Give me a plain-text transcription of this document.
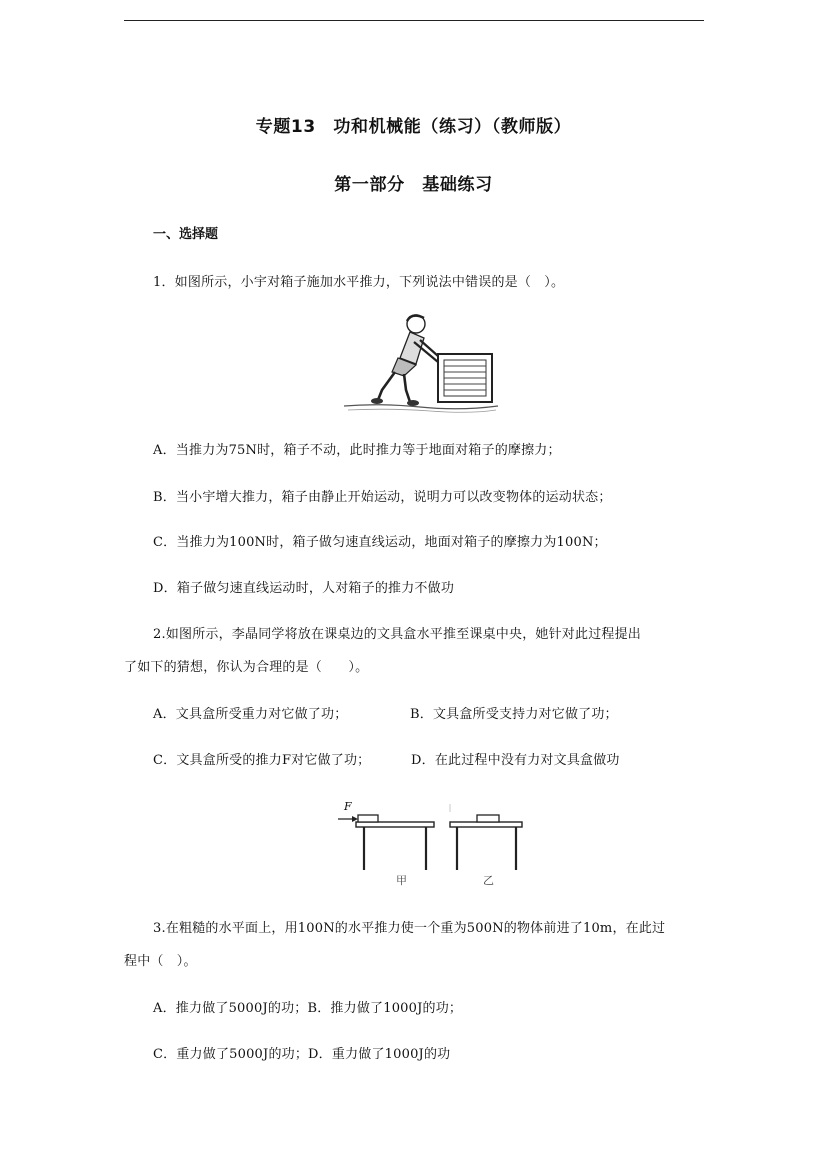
专题13　功和机械能（练习）（教师版）
第一部分　基础练习
一、选择题
1．如图所示，小宇对箱子施加水平推力，下列说法中错误的是（　）。
A．当推力为75N时，箱子不动，此时推力等于地面对箱子的摩擦力；
B．当小宇增大推力，箱子由静止开始运动，说明力可以改变物体的运动状态；
C．当推力为100N时，箱子做匀速直线运动，地面对箱子的摩擦力为100N；
D．箱子做匀速直线运动时，人对箱子的推力不做功
2.如图所示，李晶同学将放在课桌边的文具盒水平推至课桌中央，她针对此过程提出
了如下的猜想，你认为合理的是（　　）。
A．文具盒所受重力对它做了功；	B．文具盒所受支持力对它做了功；
C．文具盒所受的推力F对它做了功；	D．在此过程中没有力对文具盒做功
F
甲	乙
3.在粗糙的水平面上，用100N的水平推力使一个重为500N的物体前进了10m，在此过
程中（　）。
A．推力做了5000J的功；B．推力做了1000J的功；
C．重力做了5000J的功；D．重力做了1000J的功
